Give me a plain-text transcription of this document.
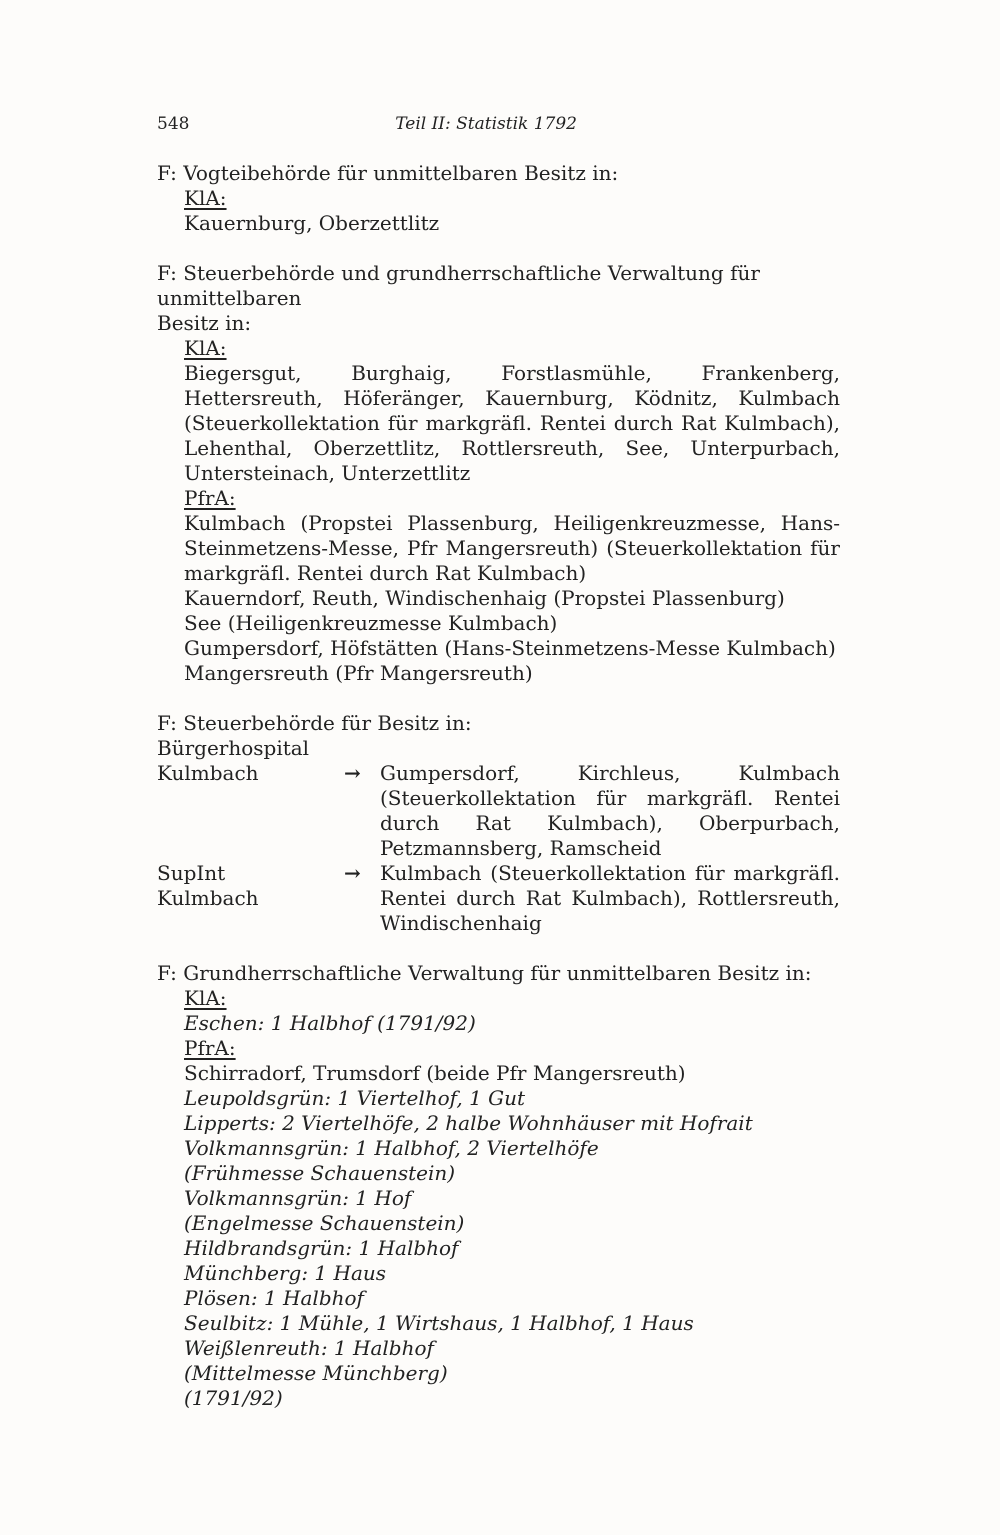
548	Teil II: Statistik 1792
F: Vogteibehörde für unmittelbaren Besitz in:
KlA:
Kauernburg, Oberzettlitz
F: Steuerbehörde und grundherrschaftliche Verwaltung für unmittelbaren
Besitz in:
KlA:
Biegersgut, Burghaig, Forstlasmühle, Frankenberg, Hettersreuth, Höferänger, Kauernburg, Ködnitz, Kulmbach (Steuerkollektation für markgräfl. Rentei durch Rat Kulmbach), Lehenthal, Oberzettlitz, Rottlersreuth, See, Unterpurbach, Untersteinach, Unterzettlitz
PfrA:
Kulmbach (Propstei Plassenburg, Heiligenkreuzmesse, Hans-Steinmetzens-Messe, Pfr Mangersreuth) (Steuerkollektation für markgräfl. Rentei durch Rat Kulmbach)
Kauerndorf, Reuth, Windischenhaig (Propstei Plassenburg)
See (Heiligenkreuzmesse Kulmbach)
Gumpersdorf, Höfstätten (Hans-Steinmetzens-Messe Kulmbach)
Mangersreuth (Pfr Mangersreuth)
F: Steuerbehörde für Besitz in:
Bürgerhospital
Kulmbach	→ Gumpersdorf, Kirchleus, Kulmbach (Steuerkollektation für markgräfl. Rentei durch Rat Kulmbach), Oberpurbach, Petzmannsberg, Ramscheid
SupInt Kulmbach
→ Kulmbach (Steuerkollektation für markgräfl. Rentei durch Rat Kulmbach), Rottlersreuth, Windischenhaig
F: Grundherrschaftliche Verwaltung für unmittelbaren Besitz in:
KlA:
Eschen: 1 Halbhof (1791/92)
PfrA:
Schirradorf, Trumsdorf (beide Pfr Mangersreuth)
Leupoldsgrün: 1 Viertelhof, 1 Gut
Lipperts: 2 Viertelhöfe, 2 halbe Wohnhäuser mit Hofrait
Volkmannsgrün: 1 Halbhof, 2 Viertelhöfe
(Frühmesse Schauenstein)
Volkmannsgrün: 1 Hof
(Engelmesse Schauenstein)
Hildbrandsgrün: 1 Halbhof
Münchberg: 1 Haus
Plösen: 1 Halbhof
Seulbitz: 1 Mühle, 1 Wirtshaus, 1 Halbhof, 1 Haus
Weißlenreuth: 1 Halbhof
(Mittelmesse Münchberg)
(1791/92)
